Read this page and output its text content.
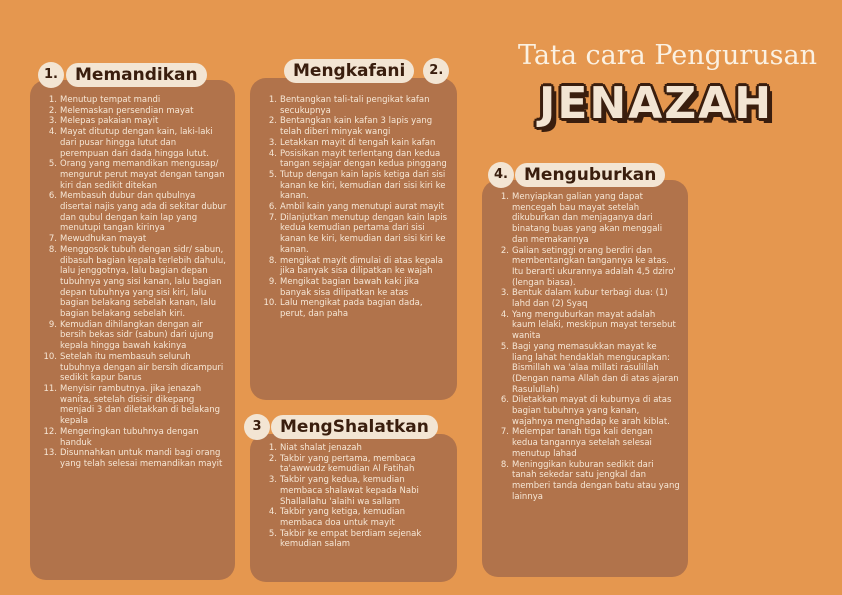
Tata cara Pengurusan
JENAZAH
1. Menutup tempat mandi
2. Melemaskan persendian mayat
3. Melepas pakaian mayit
4. Mayat ditutup dengan kain, laki-laki dari pusar hingga lutut dan perempuan dari dada hingga lutut.
5. Orang yang memandikan mengusap/ mengurut perut mayat dengan tangan kiri dan sedikit ditekan
6. Membasuh dubur dan qubulnya disertai najis yang ada di sekitar dubur dan qubul dengan kain lap yang menutupi tangan kirinya
7. Mewudhukan mayat
8. Menggosok tubuh dengan sidr/ sabun, dibasuh bagian kepala terlebih dahulu, lalu jenggotnya, lalu bagian depan tubuhnya yang sisi kanan, lalu bagian depan tubuhnya yang sisi kiri, lalu bagian belakang sebelah kanan, lalu bagian belakang sebelah kiri.
9. Kemudian dihilangkan dengan air bersih bekas sidr (sabun) dari ujung kepala hingga bawah kakinya
10. Setelah itu membasuh seluruh tubuhnya dengan air bersih dicampuri sedikit kapur barus
11. Menyisir rambutnya. jika jenazah wanita, setelah disisir dikepang menjadi 3 dan diletakkan di belakang kepala
12. Mengeringkan tubuhnya dengan handuk
13. Disunnahkan untuk mandi bagi orang yang telah selesai memandikan mayit
1. Bentangkan tali-tali pengikat kafan secukupnya
2. Bentangkan kain kafan 3 lapis yang telah diberi minyak wangi
3. Letakkan mayit di tengah kain kafan
4. Posisikan mayit terlentang dan kedua tangan sejajar dengan kedua pinggang
5. Tutup dengan kain lapis ketiga dari sisi kanan ke kiri, kemudian dari sisi kiri ke kanan.
6. Ambil kain yang menutupi aurat mayit
7. Dilanjutkan menutup dengan kain lapis kedua kemudian pertama dari sisi kanan ke kiri, kemudian dari sisi kiri ke kanan.
8. mengikat mayit dimulai di atas kepala jika banyak sisa dilipatkan ke wajah
9. Mengikat bagian bawah kaki jika banyak sisa dilipatkan ke atas
10. Lalu mengikat pada bagian dada, perut, dan paha
1. Niat shalat jenazah
2. Takbir yang pertama, membaca ta'awwudz kemudian Al Fatihah
3. Takbir yang kedua, kemudian membaca shalawat kepada Nabi Shallallahu 'alaihi wa sallam
4. Takbir yang ketiga, kemudian membaca doa untuk mayit
5. Takbir ke empat berdiam sejenak kemudian salam
1. Menyiapkan galian yang dapat mencegah bau mayat setelah dikuburkan dan menjaganya dari binatang buas yang akan menggali dan memakannya
2. Galian setinggi orang berdiri dan membentangkan tangannya ke atas. Itu berarti ukurannya adalah 4,5 dziro' (lengan biasa).
3. Bentuk dalam kubur terbagi dua: (1) lahd dan (2) Syaq
4. Yang menguburkan mayat adalah kaum lelaki, meskipun mayat tersebut wanita
5. Bagi yang memasukkan mayat ke liang lahat hendaklah mengucapkan: Bismillah wa 'alaa millati rasulillah (Dengan nama Allah dan di atas ajaran Rasulullah)
6. Diletakkan mayat di kuburnya di atas bagian tubuhnya yang kanan, wajahnya menghadap ke arah kiblat.
7. Melempar tanah tiga kali dengan kedua tangannya setelah selesai menutup lahad
8. Meninggikan kuburan sedikit dari tanah sekedar satu jengkal dan memberi tanda dengan batu atau yang lainnya
1.	Memandikan	Mengkafani	2.
3	MengShalatkan
4. Menguburkan
